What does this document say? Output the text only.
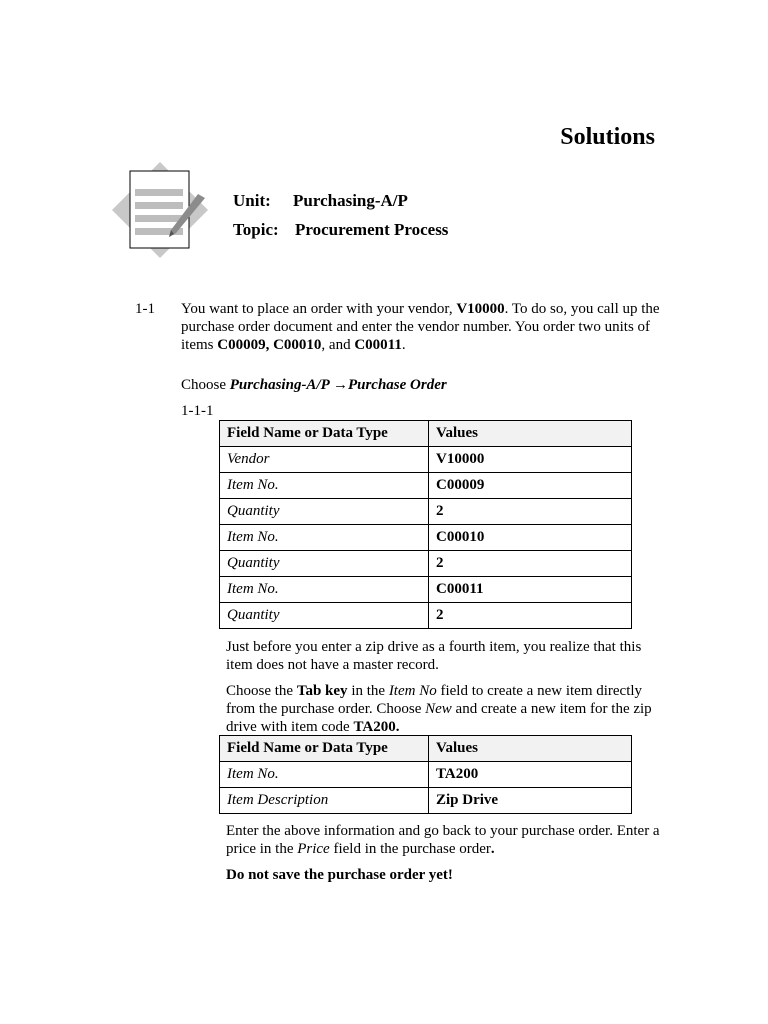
Solutions
Unit:	Purchasing-A/P
Topic: Procurement Process
1-1 You want to place an order with your vendor, V10000. To do so, you call up the purchase order document and enter the vendor number. You order two units of items C00009, C00010, and C00011.
Choose Purchasing-A/P →Purchase Order
1-1-1
Field Name or Data Type	Values
Vendor	V10000
Item No.	C00009
Quantity	2
Item No.	C00010
Quantity	2
Item No.	C00011
Quantity	2
Just before you enter a zip drive as a fourth item, you realize that this item does not have a master record.
Choose the Tab key in the Item No field to create a new item directly from the purchase order. Choose New and create a new item for the zip drive with item code TA200.
Field Name or Data Type	Values
Item No.	TA200
Item Description	Zip Drive
Enter the above information and go back to your purchase order. Enter a price in the Price field in the purchase order.
Do not save the purchase order yet!
